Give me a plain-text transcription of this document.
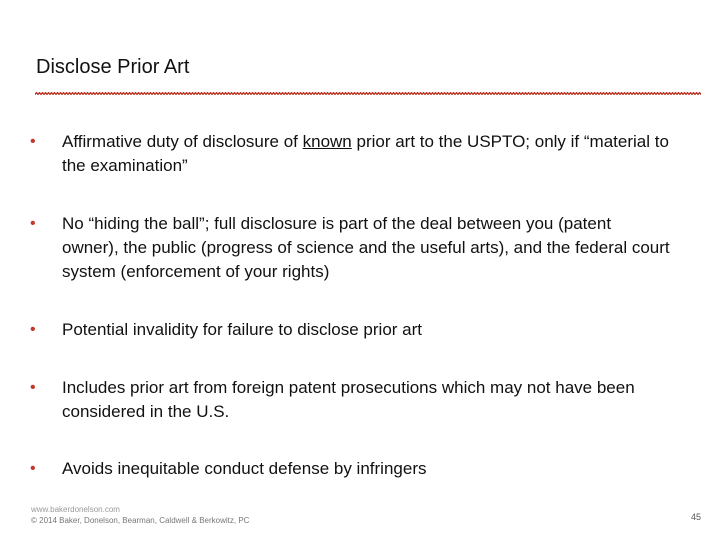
Disclose Prior Art
• Affirmative duty of disclosure of known prior art to the USPTO; only if “material to the examination”
• No “hiding the ball”; full disclosure is part of the deal between you (patent owner), the public (progress of science and the useful arts), and the federal court system (enforcement of your rights)
• Potential invalidity for failure to disclose prior art
• Includes prior art from foreign patent prosecutions which may not have been considered in the U.S.
• Avoids inequitable conduct defense by infringers
www.bakerdonelson.com
© 2014 Baker, Donelson, Bearman, Caldwell & Berkowitz, PC	45
